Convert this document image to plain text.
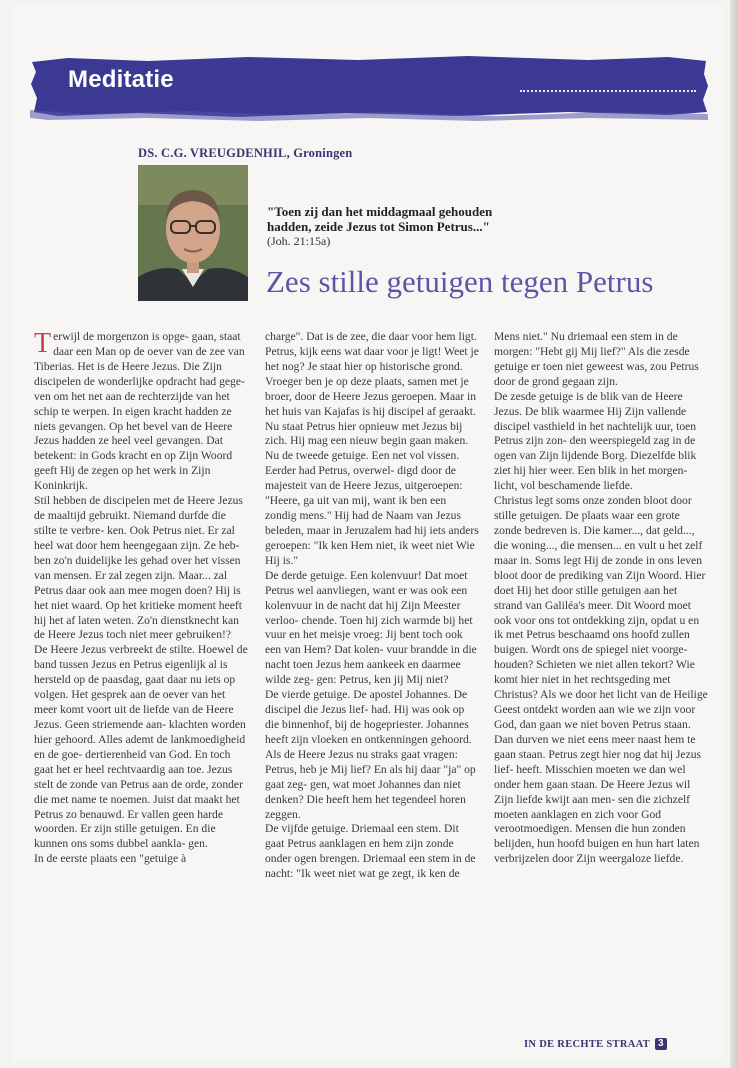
Meditatie
DS. C.G. VREUGDENHIL, Groningen
"Toen zij dan het middagmaal gehouden
hadden, zeide Jezus tot Simon Petrus..."
(Joh. 21:15a)
Zes stille getuigen tegen Petrus

Terwijl de morgenzon is opge- gaan, staat daar een Man op de oever van de zee van Tiberias. Het is de Heere Jezus. Die Zijn discipelen de wonderlijke opdracht had gege- ven om het net aan de rechterzijde van het schip te werpen. In eigen kracht hadden ze niets gevangen. Op het bevel van de Heere Jezus hadden ze heel veel gevangen. Dat betekent: in Gods kracht en op Zijn Woord geeft Hij de zegen op het werk in Zijn Koninkrijk.

Stil hebben de discipelen met de Heere Jezus de maaltijd gebruikt. Niemand durfde die stilte te verbre- ken. Ook Petrus niet. Er zal heel wat door hem heengegaan zijn. Ze heb- ben zo'n duidelijke les gehad over het vissen van mensen. Er zal zegen zijn. Maar... zal Petrus daar ook aan mee mogen doen? Hij is het niet waard. Op het kritieke moment heeft hij het af laten weten. Zo'n dienstknecht kan de Heere Jezus toch niet meer gebruiken!?

De Heere Jezus verbreekt de stilte. Hoewel de band tussen Jezus en Petrus eigenlijk al is hersteld op de paasdag, gaat daar nu iets op volgen. Het gesprek aan de oever van het meer komt voort uit de liefde van de Heere Jezus. Geen striemende aan- klachten worden hier gehoord. Alles ademt de lankmoedigheid en de goe- dertierenheid van God. En toch gaat het er heel rechtvaardig aan toe. Jezus stelt de zonde van Petrus aan de orde, zonder die met name te noemen. Juist dat maakt het Petrus zo benauwd. Er vallen geen harde woorden. Er zijn stille getuigen. En die kunnen ons soms dubbel aankla- gen.

In de eerste plaats een "getuige à

charge". Dat is de zee, die daar voor hem ligt. Petrus, kijk eens wat daar voor je ligt! Weet je het nog? Je staat hier op historische grond. Vroeger ben je op deze plaats, samen met je broer, door de Heere Jezus geroepen. Maar in het huis van Kajafas is hij discipel af geraakt. Nu staat Petrus hier opnieuw met Jezus bij zich. Hij mag een nieuw begin gaan maken.

Nu de tweede getuige. Een net vol vissen. Eerder had Petrus, overwel- digd door de majesteit van de Heere Jezus, uitgeroepen: "Heere, ga uit van mij, want ik ben een zondig mens." Hij had de Naam van Jezus beleden, maar in Jeruzalem had hij iets anders geroepen: "Ik ken Hem niet, ik weet niet Wie Hij is."

De derde getuige. Een kolenvuur! Dat moet Petrus wel aanvliegen, want er was ook een kolenvuur in de nacht dat hij Zijn Meester verloo- chende. Toen hij zich warmde bij het vuur en het meisje vroeg: Jij bent toch ook een van Hem? Dat kolen- vuur brandde in die nacht toen Jezus hem aankeek en daarmee wilde zeg- gen: Petrus, ken jij Mij niet?

De vierde getuige. De apostel Johannes. De discipel die Jezus lief- had. Hij was ook op die binnenhof, bij de hogepriester. Johannes heeft zijn vloeken en ontkenningen gehoord. Als de Heere Jezus nu straks gaat vragen: Petrus, heb je Mij lief? En als hij daar "ja" op gaat zeg- gen, wat moet Johannes dan niet denken? Die heeft hem het tegendeel horen zeggen.

De vijfde getuige. Driemaal een stem. Dit gaat Petrus aanklagen en hem zijn zonde onder ogen brengen. Driemaal een stem in de nacht: "Ik weet niet wat ge zegt, ik ken de

Mens niet." Nu driemaal een stem in de morgen: "Hebt gij Mij lief?" Als die zesde getuige er toen niet geweest was, zou Petrus door de grond gegaan zijn.

De zesde getuige is de blik van de Heere Jezus. De blik waarmee Hij Zijn vallende discipel vasthield in het nachtelijk uur, toen Petrus zijn zon- den weerspiegeld zag in de ogen van Zijn lijdende Borg. Diezelfde blik ziet hij hier weer. Een blik in het morgen- licht, vol beschamende liefde.

Christus legt soms onze zonden bloot door stille getuigen. De plaats waar een grote zonde bedreven is. Die kamer..., dat geld..., die woning..., die mensen... en vult u het zelf maar in. Soms legt Hij de zonde in ons leven bloot door de prediking van Zijn Woord. Hier doet Hij het door stille getuigen aan het strand van Galiléa's meer. Dit Woord moet ook voor ons tot ontdekking zijn, opdat u en ik met Petrus beschaamd ons hoofd zullen buigen. Wordt ons de spiegel niet voorge- houden? Schieten we niet allen tekort? Wie komt hier niet in het rechtsgeding met Christus? Als we door het licht van de Heilige Geest ontdekt worden aan wie we zijn voor God, dan gaan we niet boven Petrus staan. Dan durven we niet eens meer naast hem te gaan staan. Petrus zegt hier nog dat hij Jezus lief- heeft. Misschien moeten we dan wel onder hem gaan staan. De Heere Jezus wil Zijn liefde kwijt aan men- sen die zichzelf moeten aanklagen en zich voor God verootmoedigen. Mensen die hun zonden belijden, hun hoofd buigen en hun hart laten verbrijzelen door Zijn weergaloze liefde.

IN DE RECHTE STRAAT 3
